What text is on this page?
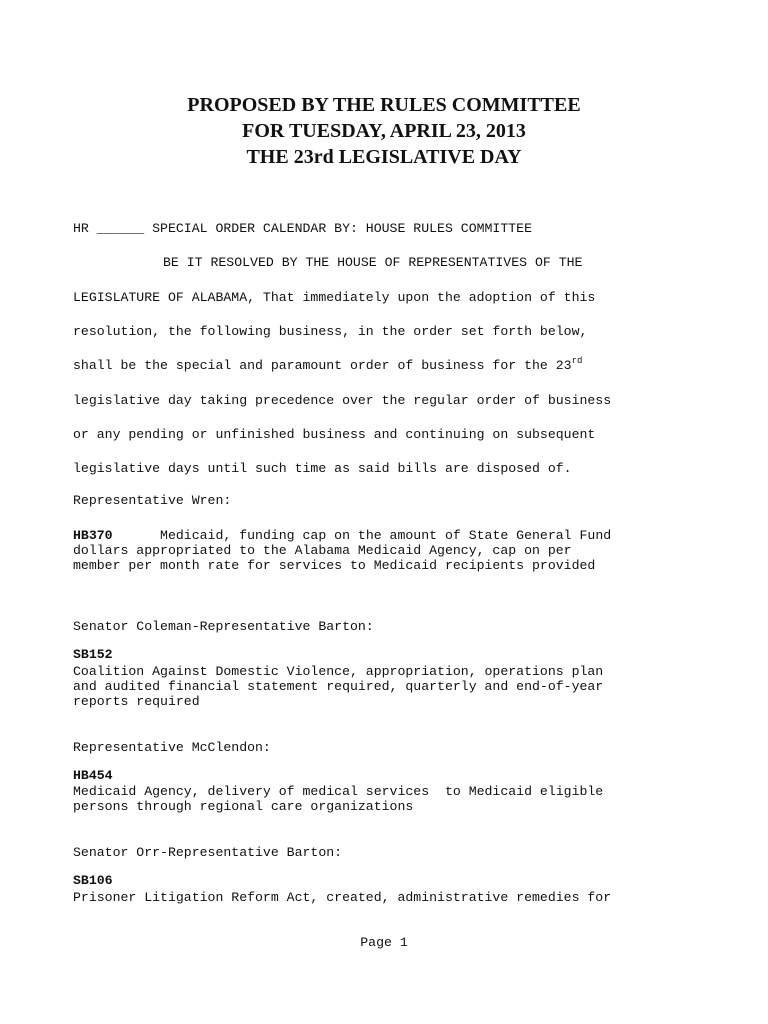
PROPOSED BY THE RULES COMMITTEE
FOR TUESDAY, APRIL 23, 2013
THE 23rd LEGISLATIVE DAY

HR ______ SPECIAL ORDER CALENDAR BY: HOUSE RULES COMMITTEE

BE IT RESOLVED BY THE HOUSE OF REPRESENTATIVES OF THE

LEGISLATURE OF ALABAMA, That immediately upon the adoption of this

resolution, the following business, in the order set forth below,

shall be the special and paramount order of business for the 23rd

legislative day taking precedence over the regular order of business

or any pending or unfinished business and continuing on subsequent

legislative days until such time as said bills are disposed of.

Representative Wren:

HB370      Medicaid, funding cap on the amount of State General Fund

dollars appropriated to the Alabama Medicaid Agency, cap on per

member per month rate for services to Medicaid recipients provided

Senator Coleman-Representative Barton:

SB152

Coalition Against Domestic Violence, appropriation, operations plan

and audited financial statement required, quarterly and end-of-year

reports required

Representative McClendon:

HB454

Medicaid Agency, delivery of medical services  to Medicaid eligible

persons through regional care organizations

Senator Orr-Representative Barton:

SB106

Prisoner Litigation Reform Act, created, administrative remedies for

Page 1
